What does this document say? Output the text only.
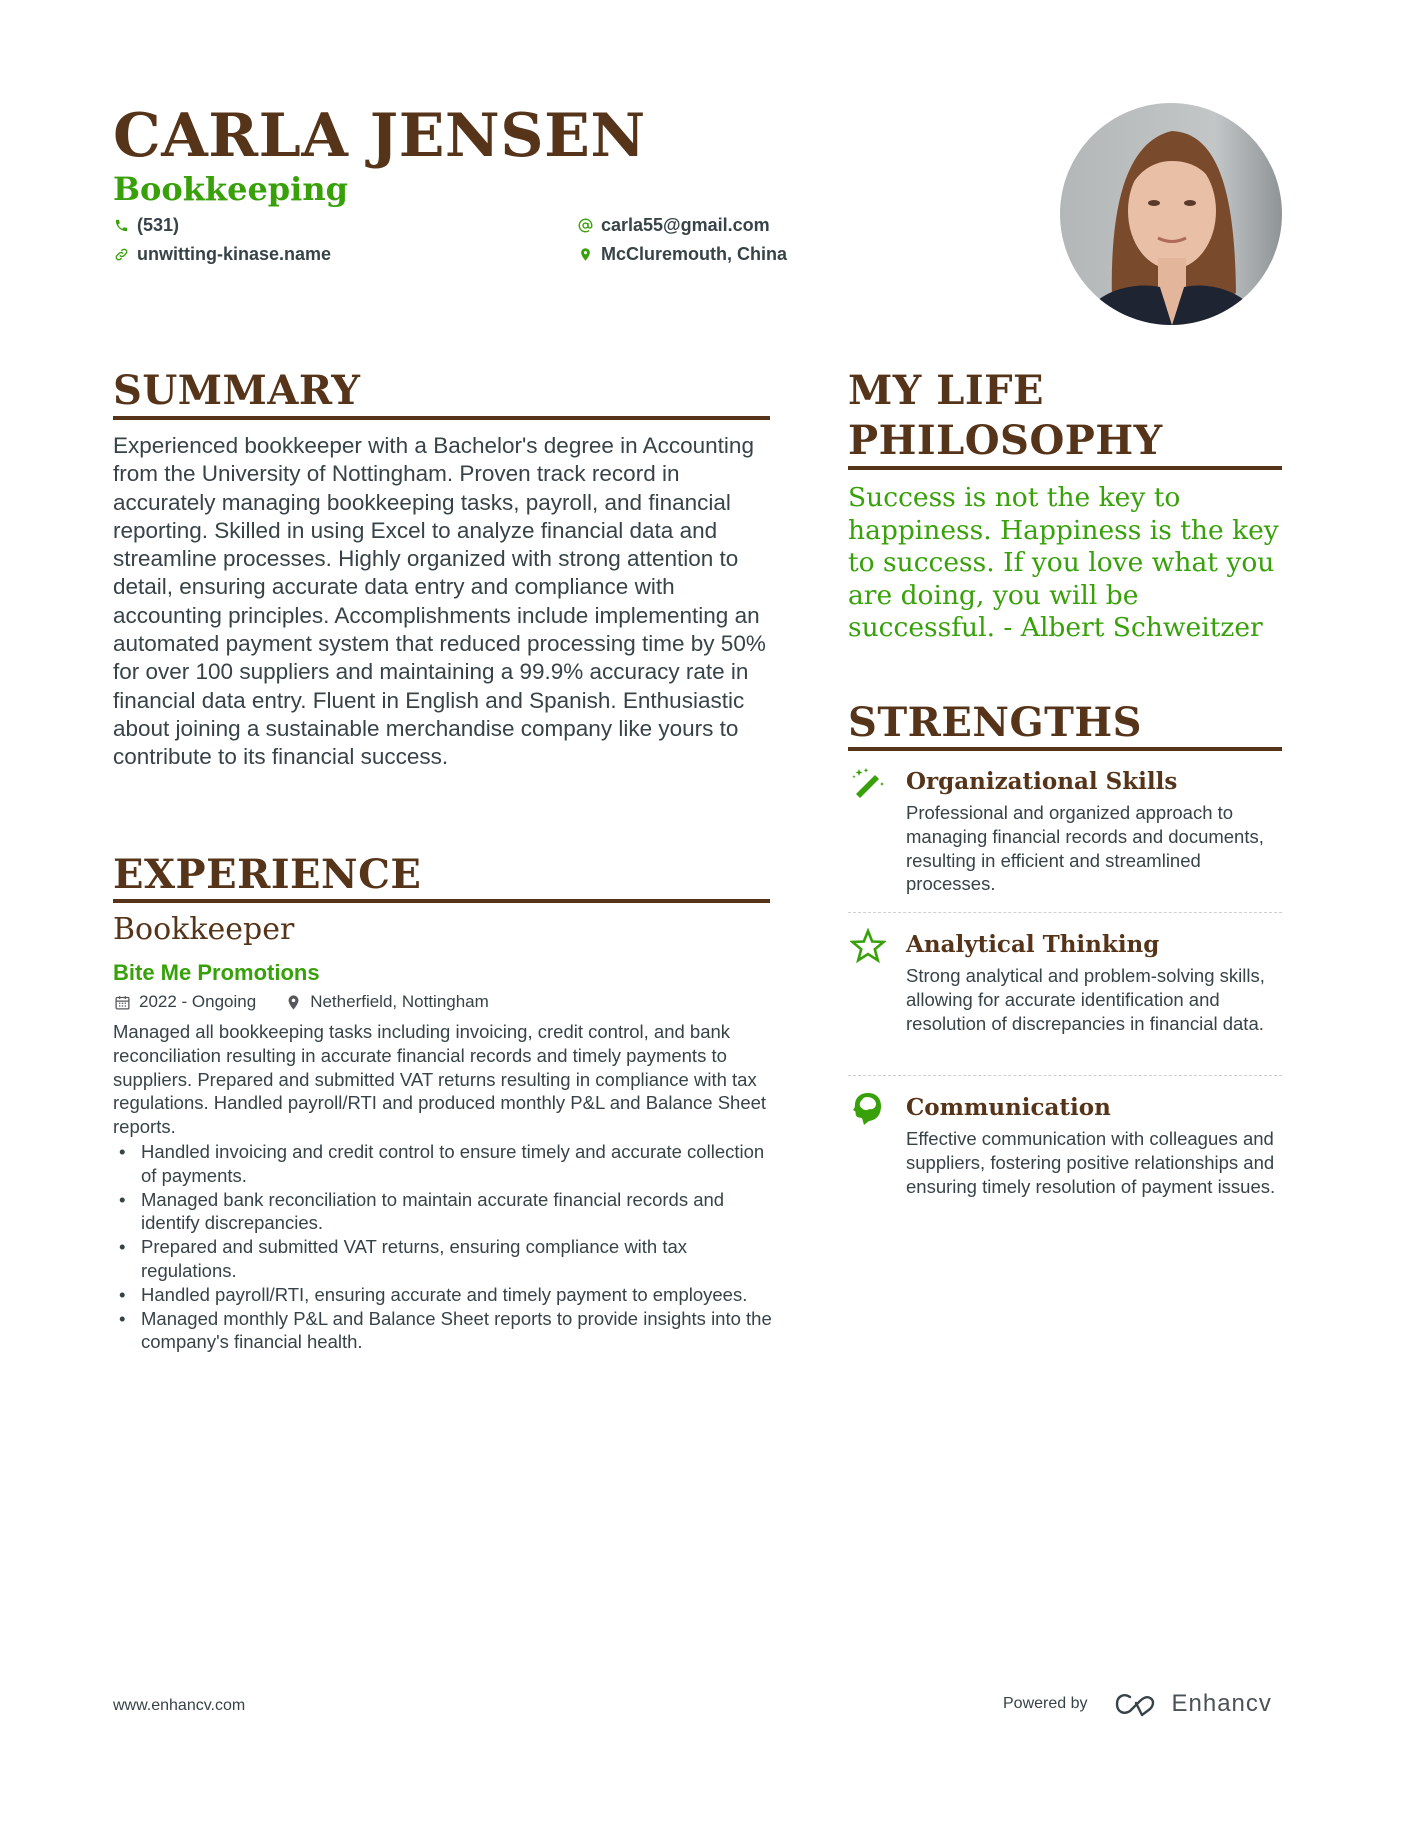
CARLA JENSEN
Bookkeeping
(531)
unwitting-kinase.name
carla55@gmail.com
McCluremouth, China
SUMMARY
Experienced bookkeeper with a Bachelor's degree in Accounting from the University of Nottingham. Proven track record in accurately managing bookkeeping tasks, payroll, and financial reporting. Skilled in using Excel to analyze financial data and streamline processes. Highly organized with strong attention to detail, ensuring accurate data entry and compliance with accounting principles. Accomplishments include implementing an automated payment system that reduced processing time by 50% for over 100 suppliers and maintaining a 99.9% accuracy rate in financial data entry. Fluent in English and Spanish. Enthusiastic about joining a sustainable merchandise company like yours to contribute to its financial success.
EXPERIENCE
Bookkeeper
Bite Me Promotions
2022 - Ongoing	Netherfield, Nottingham
Managed all bookkeeping tasks including invoicing, credit control, and bank reconciliation resulting in accurate financial records and timely payments to suppliers. Prepared and submitted VAT returns resulting in compliance with tax regulations. Handled payroll/RTI and produced monthly P&L and Balance Sheet reports.
• Handled invoicing and credit control to ensure timely and accurate collection of payments.
• Managed bank reconciliation to maintain accurate financial records and identify discrepancies.
• Prepared and submitted VAT returns, ensuring compliance with tax regulations.
• Handled payroll/RTI, ensuring accurate and timely payment to employees.
• Managed monthly P&L and Balance Sheet reports to provide insights into the company's financial health.
MY LIFE
PHILOSOPHY
Success is not the key to happiness. Happiness is the key to success. If you love what you are doing, you will be successful. - Albert Schweitzer
STRENGTHS
Organizational Skills
Professional and organized approach to managing financial records and documents, resulting in efficient and streamlined processes.
Analytical Thinking
Strong analytical and problem-solving skills, allowing for accurate identification and resolution of discrepancies in financial data.
Communication
Effective communication with colleagues and suppliers, fostering positive relationships and ensuring timely resolution of payment issues.
www.enhancv.com	Powered by	Enhancv
